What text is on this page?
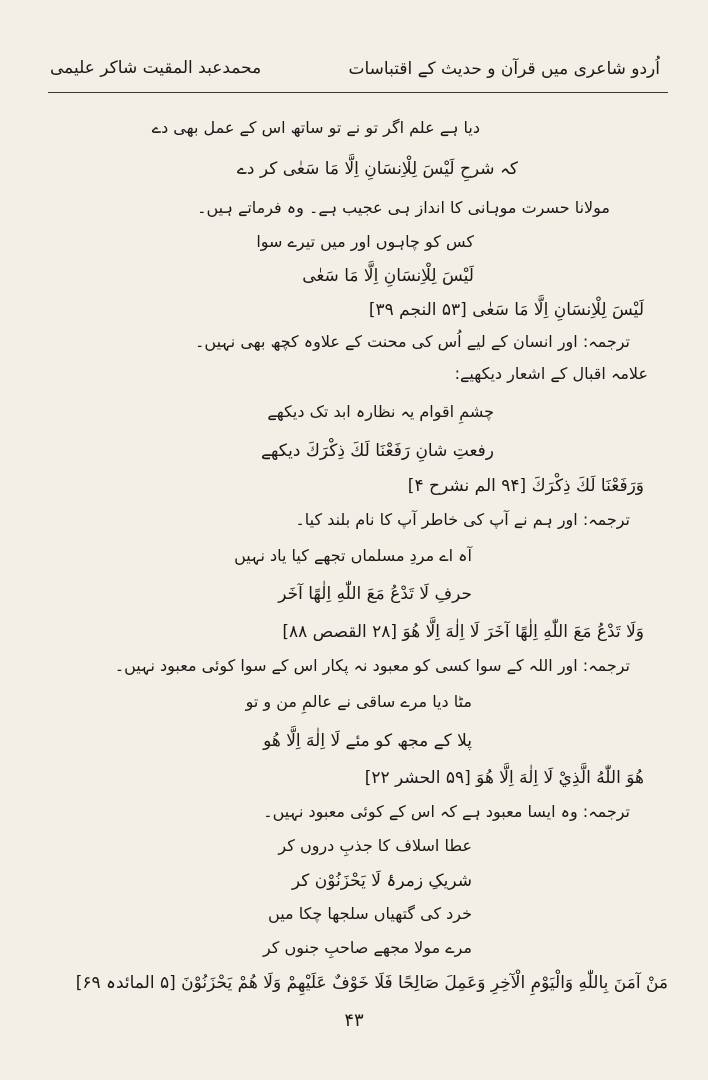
اُردو شاعری میں قرآن و حدیث کے اقتباسات
محمدعبد المقیت شاکر علیمی
دیا ہے علم اگر تو نے تو ساتھ اس کے عمل بھی دے
کہ شرحِ لَيْسَ لِلْاِنسَانِ اِلَّا مَا سَعٰى کر دے
مولانا حسرت موہانی کا انداز ہی عجیب ہے۔ وہ فرماتے ہیں۔
کس کو چاہوں اور میں تیرے سوا
لَيْسَ لِلْاِنسَانِ اِلَّا مَا سَعٰى
لَيْسَ لِلْاِنسَانِ اِلَّا مَا سَعٰى [۵۳ النجم ۳۹]
ترجمہ: اور انسان کے لیے اُس کی محنت کے علاوہ کچھ بھی نہیں۔
علامہ اقبال کے اشعار دیکھیے:
چشمِ اقوام یہ نظارہ ابد تک دیکھے
رفعتِ شانِ رَفَعْنَا لَكَ ذِكْرَكَ دیکھے
وَرَفَعْنَا لَكَ ذِكْرَكَ [۹۴ الم نشرح ۴]
ترجمہ: اور ہم نے آپ کی خاطر آپ کا نام بلند کیا۔
آہ اے مردِ مسلماں تجھے کیا یاد نہیں
حرفِ لَا تَدْعُ مَعَ اللّٰهِ اِلٰهًا آخَر
وَلَا تَدْعُ مَعَ اللّٰهِ اِلٰهًا آخَرَ لَا اِلٰهَ اِلَّا هُوَ [۲۸ القصص ۸۸]
ترجمہ: اور اللہ کے سوا کسی کو معبود نہ پکار اس کے سوا کوئی معبود نہیں۔
مٹا دیا مرے ساقی نے عالمِ من و تو
پلا کے مجھ کو مئے لَا اِلٰهَ اِلَّا هُو
هُوَ اللّٰهُ الَّذِيْ لَا اِلٰهَ اِلَّا هُوَ [۵۹ الحشر ۲۲]
ترجمہ: وہ ایسا معبود ہے کہ اس کے کوئی معبود نہیں۔
عطا اسلاف کا جذبِ دروں کر
شریکِ زمرۂ لَا یَحْزَنُوْن کر
خرد کی گتھیاں سلجھا چکا میں
مرے مولا مجھے صاحبِ جنوں کر
مَنْ آمَنَ بِاللّٰهِ وَالْيَوْمِ الْآخِرِ وَعَمِلَ صَالِحًا فَلَا خَوْفٌ عَلَيْهِمْ وَلَا هُمْ يَحْزَنُوْنَ [۵ المائدہ ۶۹]
۴۳
